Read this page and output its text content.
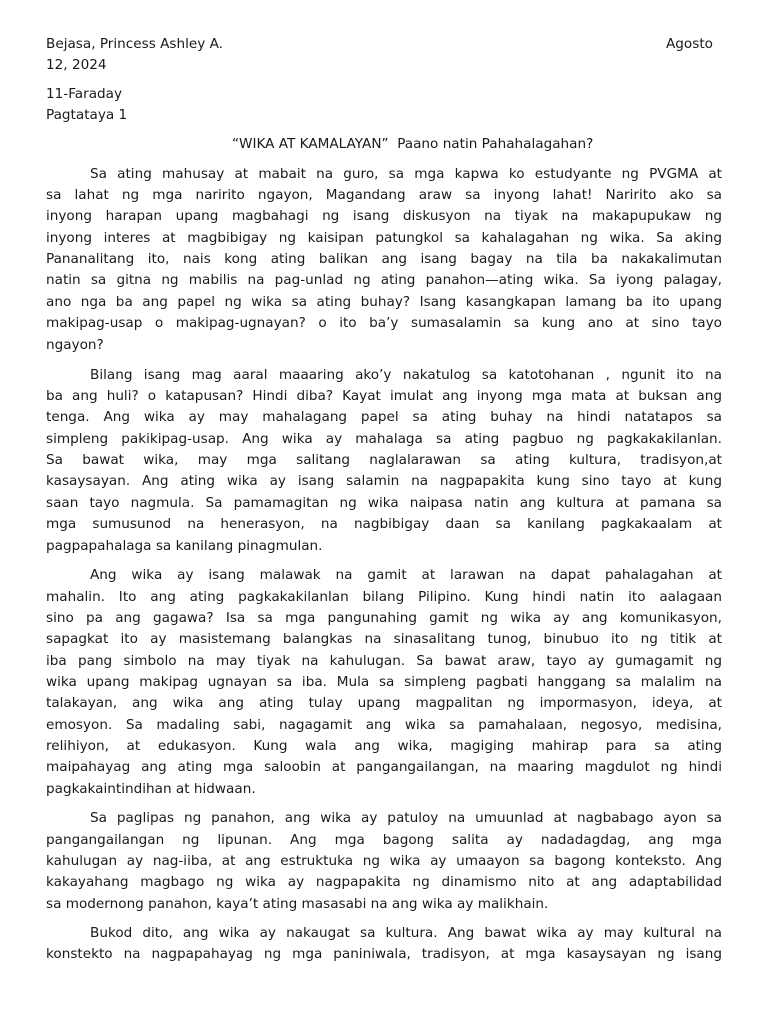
Bejasa, Princess Ashley A.	Agosto
12, 2024
11-Faraday
Pagtataya 1
“WIKA AT KAMALAYAN”  Paano natin Pahahalagahan?
Sa ating mahusay at mabait na guro, sa mga kapwa ko estudyante ng PVGMA at
sa lahat ng mga naririto ngayon, Magandang araw sa inyong lahat! Naririto ako sa
inyong harapan upang magbahagi ng isang diskusyon na tiyak na makapupukaw ng
inyong interes at magbibigay ng kaisipan patungkol sa kahalagahan ng wika. Sa aking
Pananalitang ito, nais kong ating balikan ang isang bagay na tila ba nakakalimutan
natin sa gitna ng mabilis na pag-unlad ng ating panahon—ating wika. Sa iyong palagay,
ano nga ba ang papel ng wika sa ating buhay? Isang kasangkapan lamang ba ito upang
makipag-usap o makipag-ugnayan? o ito ba’y sumasalamin sa kung ano at sino tayo
ngayon?
Bilang isang mag aaral maaaring ako’y nakatulog sa katotohanan , ngunit ito na
ba ang huli? o katapusan? Hindi diba? Kayat imulat ang inyong mga mata at buksan ang
tenga. Ang wika ay may mahalagang papel sa ating buhay na hindi natatapos sa
simpleng pakikipag-usap. Ang wika ay mahalaga sa ating pagbuo ng pagkakakilanlan.
Sa bawat wika, may mga salitang naglalarawan sa ating kultura, tradisyon,at
kasaysayan. Ang ating wika ay isang salamin na nagpapakita kung sino tayo at kung
saan tayo nagmula. Sa pamamagitan ng wika naipasa natin ang kultura at pamana sa
mga sumusunod na henerasyon, na nagbibigay daan sa kanilang pagkakaalam at
pagpapahalaga sa kanilang pinagmulan.
Ang wika ay isang malawak na gamit at larawan na dapat pahalagahan at
mahalin. Ito ang ating pagkakakilanlan bilang Pilipino. Kung hindi natin ito aalagaan
sino pa ang gagawa? Isa sa mga pangunahing gamit ng wika ay ang komunikasyon,
sapagkat ito ay masistemang balangkas na sinasalitang tunog, binubuo ito ng titik at
iba pang simbolo na may tiyak na kahulugan. Sa bawat araw, tayo ay gumagamit ng
wika upang makipag ugnayan sa iba. Mula sa simpleng pagbati hanggang sa malalim na
talakayan, ang wika ang ating tulay upang magpalitan ng impormasyon, ideya, at
emosyon. Sa madaling sabi, nagagamit ang wika sa pamahalaan, negosyo, medisina,
relihiyon, at edukasyon. Kung wala ang wika, magiging mahirap para sa ating
maipahayag ang ating mga saloobin at pangangailangan, na maaring magdulot ng hindi
pagkakaintindihan at hidwaan.
Sa paglipas ng panahon, ang wika ay patuloy na umuunlad at nagbabago ayon sa
pangangailangan ng lipunan. Ang mga bagong salita ay nadadagdag, ang mga
kahulugan ay nag-iiba, at ang estruktuka ng wika ay umaayon sa bagong konteksto. Ang
kakayahang magbago ng wika ay nagpapakita ng dinamismo nito at ang adaptabilidad
sa modernong panahon, kaya’t ating masasabi na ang wika ay malikhain.
Bukod dito, ang wika ay nakaugat sa kultura. Ang bawat wika ay may kultural na
konstekto na nagpapahayag ng mga paniniwala, tradisyon, at mga kasaysayan ng isang
